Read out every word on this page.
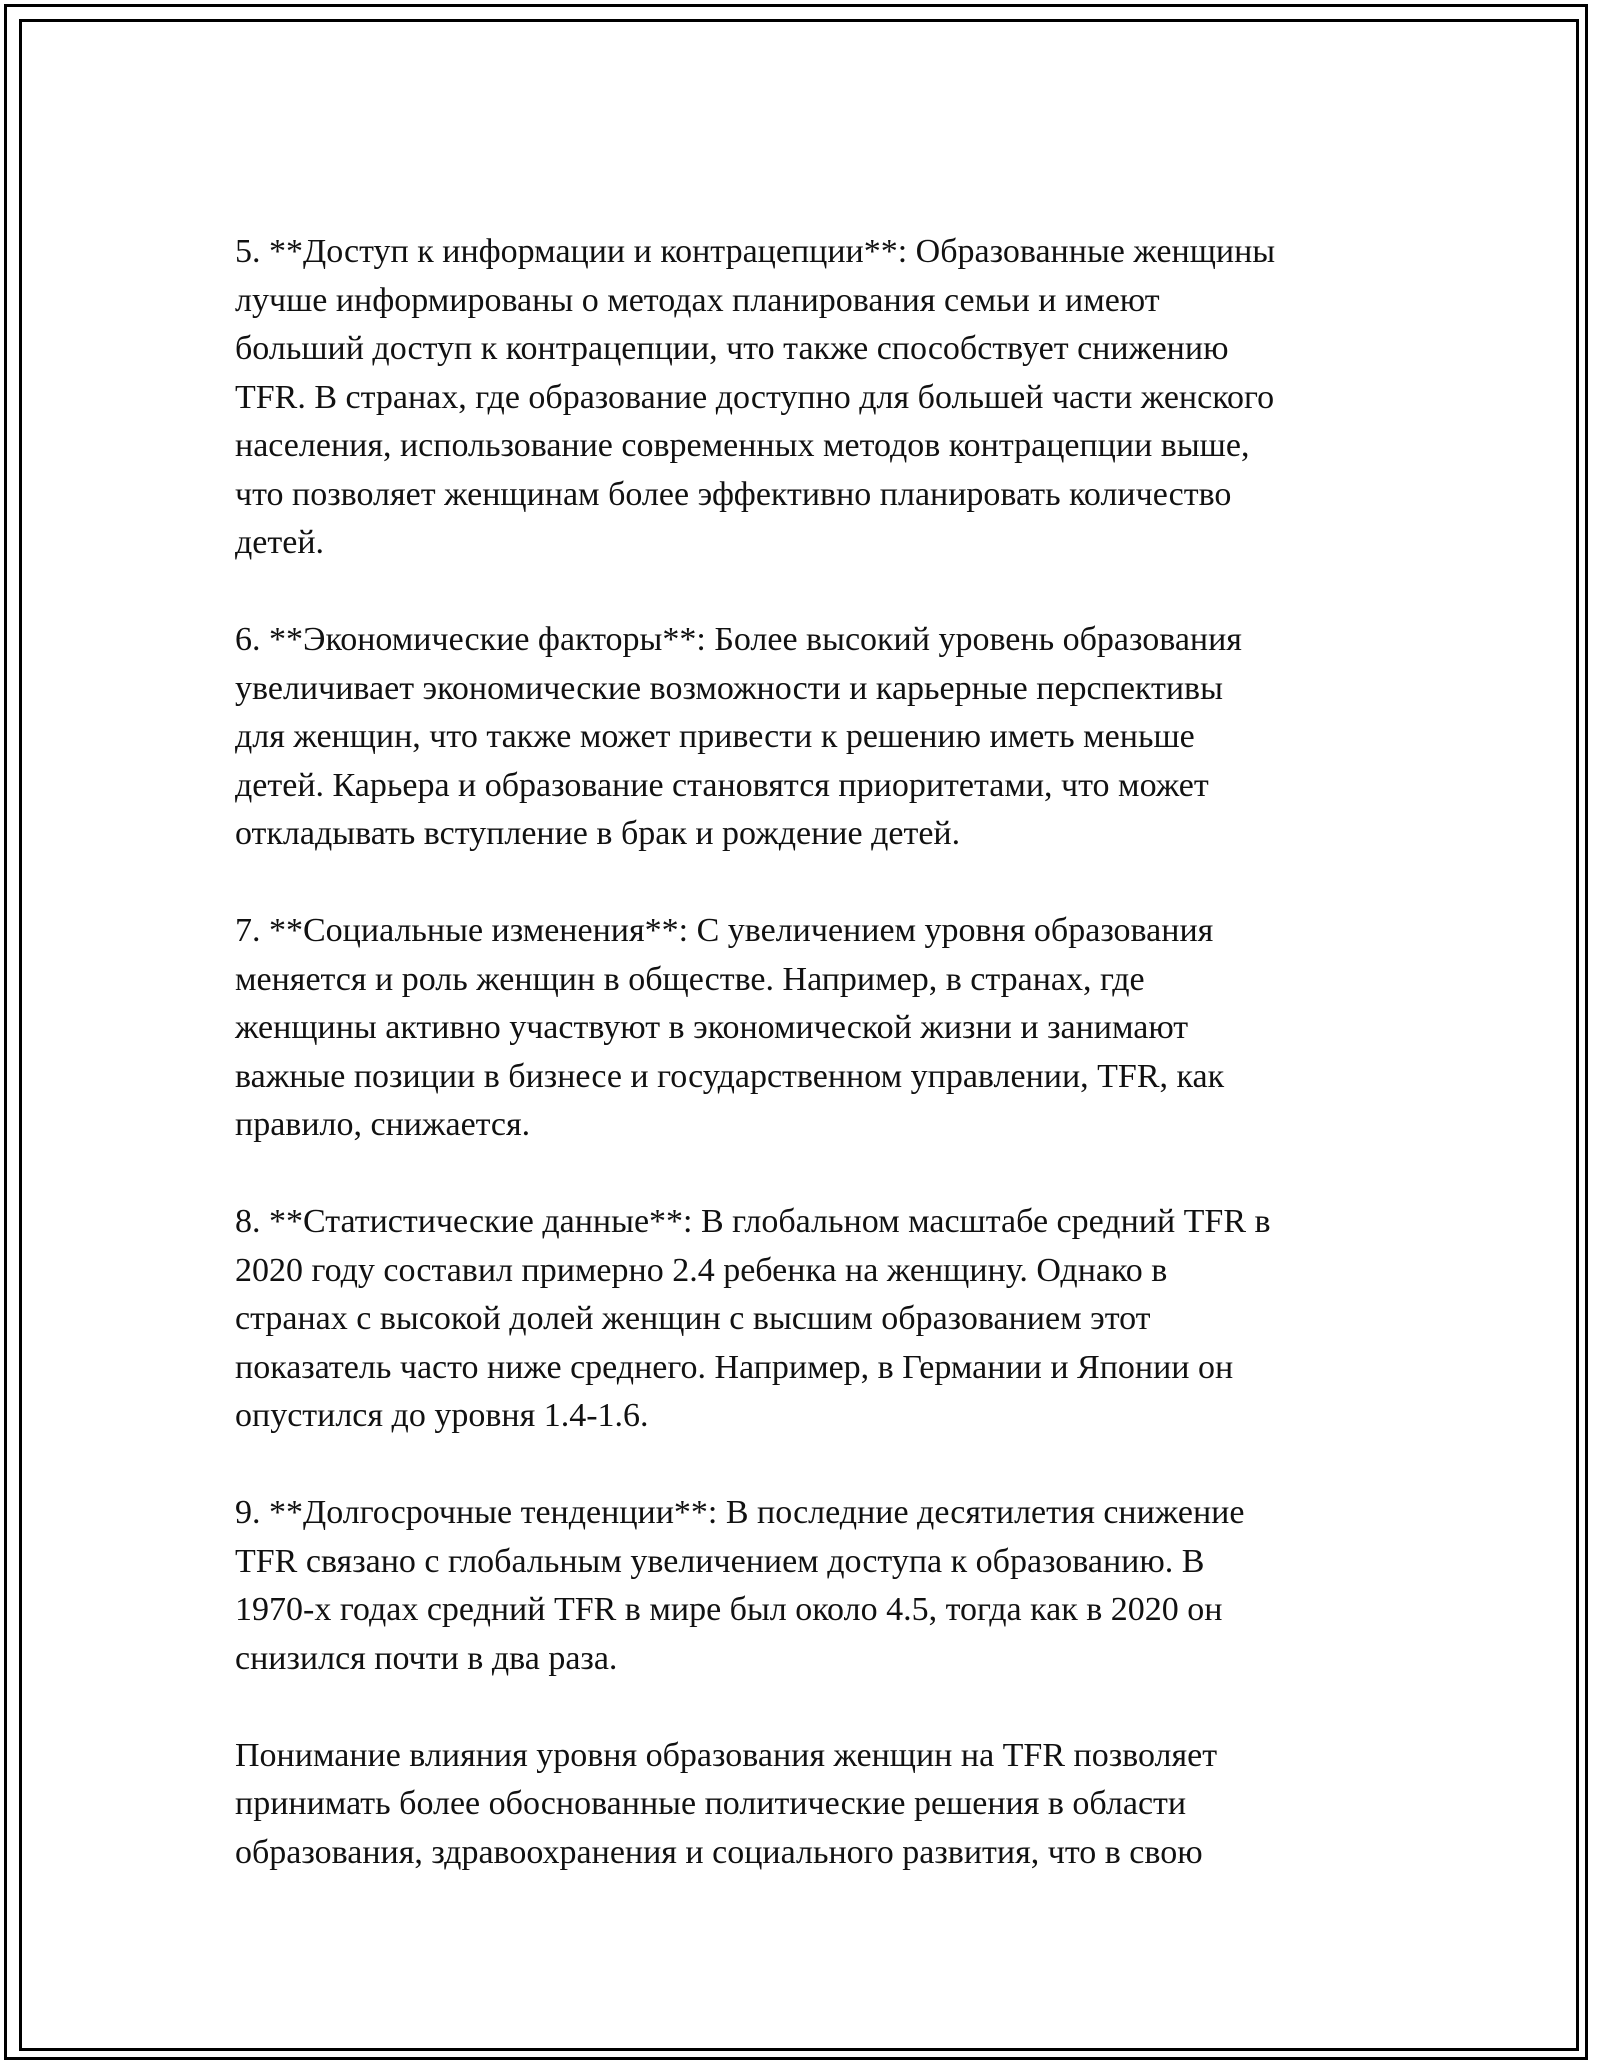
5. **Доступ к информации и контрацепции**: Образованные женщины
лучше информированы о методах планирования семьи и имеют
больший доступ к контрацепции, что также способствует снижению
TFR. В странах, где образование доступно для большей части женского
населения, использование современных методов контрацепции выше,
что позволяет женщинам более эффективно планировать количество
детей.

6. **Экономические факторы**: Более высокий уровень образования
увеличивает экономические возможности и карьерные перспективы
для женщин, что также может привести к решению иметь меньше
детей. Карьера и образование становятся приоритетами, что может
откладывать вступление в брак и рождение детей.

7. **Социальные изменения**: С увеличением уровня образования
меняется и роль женщин в обществе. Например, в странах, где
женщины активно участвуют в экономической жизни и занимают
важные позиции в бизнесе и государственном управлении, TFR, как
правило, снижается.

8. **Статистические данные**: В глобальном масштабе средний TFR в
2020 году составил примерно 2.4 ребенка на женщину. Однако в
странах с высокой долей женщин с высшим образованием этот
показатель часто ниже среднего. Например, в Германии и Японии он
опустился до уровня 1.4-1.6.

9. **Долгосрочные тенденции**: В последние десятилетия снижение
TFR связано с глобальным увеличением доступа к образованию. В
1970-х годах средний TFR в мире был около 4.5, тогда как в 2020 он
снизился почти в два раза.

Понимание влияния уровня образования женщин на TFR позволяет
принимать более обоснованные политические решения в области
образования, здравоохранения и социального развития, что в свою
